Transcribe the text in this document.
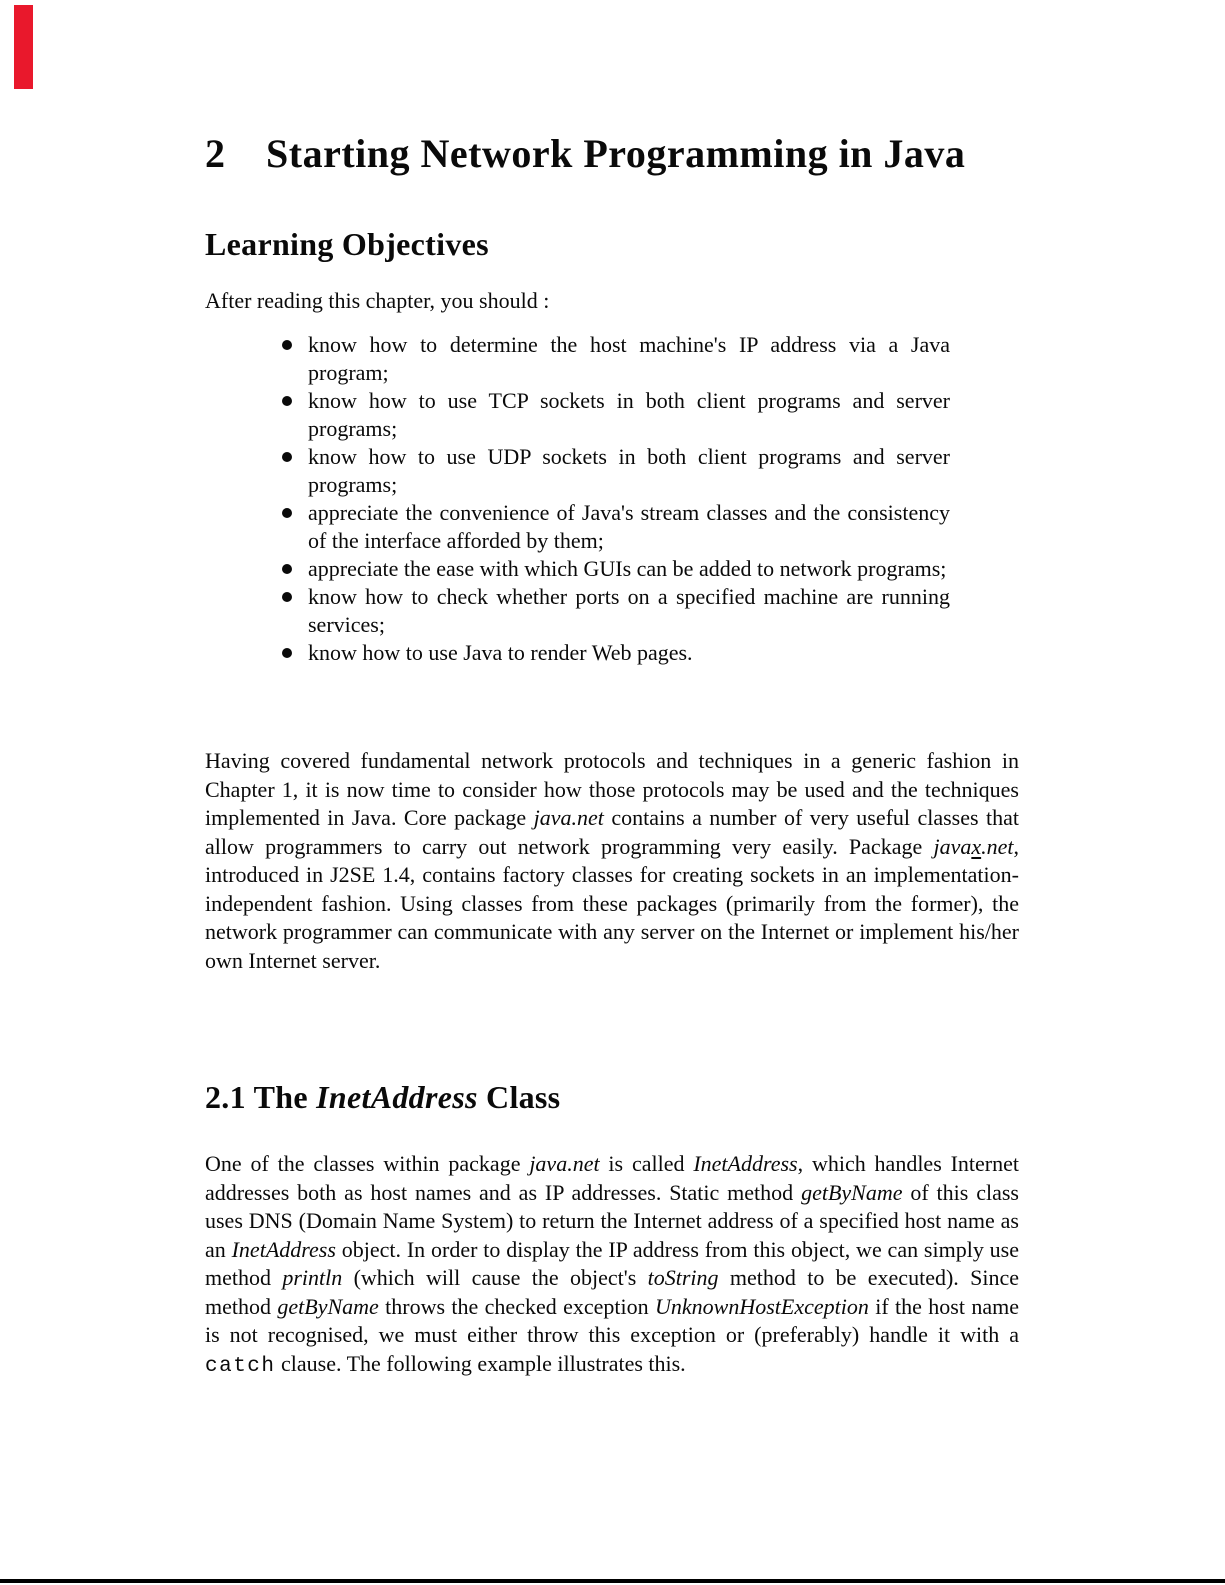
2 Starting Network Programming in Java
Learning Objectives

After reading this chapter, you should :

know how to determine the host machine's IP address via a Java program;
know how to use TCP sockets in both client programs and server programs;
know how to use UDP sockets in both client programs and server programs;
appreciate the convenience of Java's stream classes and the consistency of the interface afforded by them;
appreciate the ease with which GUIs can be added to network programs;
know how to check whether ports on a specified machine are running services;
know how to use Java to render Web pages.

Having covered fundamental network protocols and techniques in a generic fashion in Chapter 1, it is now time to consider how those protocols may be used and the techniques implemented in Java. Core package java.net contains a number of very useful classes that allow programmers to carry out network programming very easily. Package javax.net, introduced in J2SE 1.4, contains factory classes for creating sockets in an implementation-independent fashion. Using classes from these packages (primarily from the former), the network programmer can communicate with any server on the Internet or implement his/her own Internet server.

2.1 The InetAddress Class

One of the classes within package java.net is called InetAddress, which handles Internet addresses both as host names and as IP addresses. Static method getByName of this class uses DNS (Domain Name System) to return the Internet address of a specified host name as an InetAddress object. In order to display the IP address from this object, we can simply use method println (which will cause the object's toString method to be executed). Since method getByName throws the checked exception UnknownHostException if the host name is not recognised, we must either throw this exception or (preferably) handle it with a catch clause. The following example illustrates this.
